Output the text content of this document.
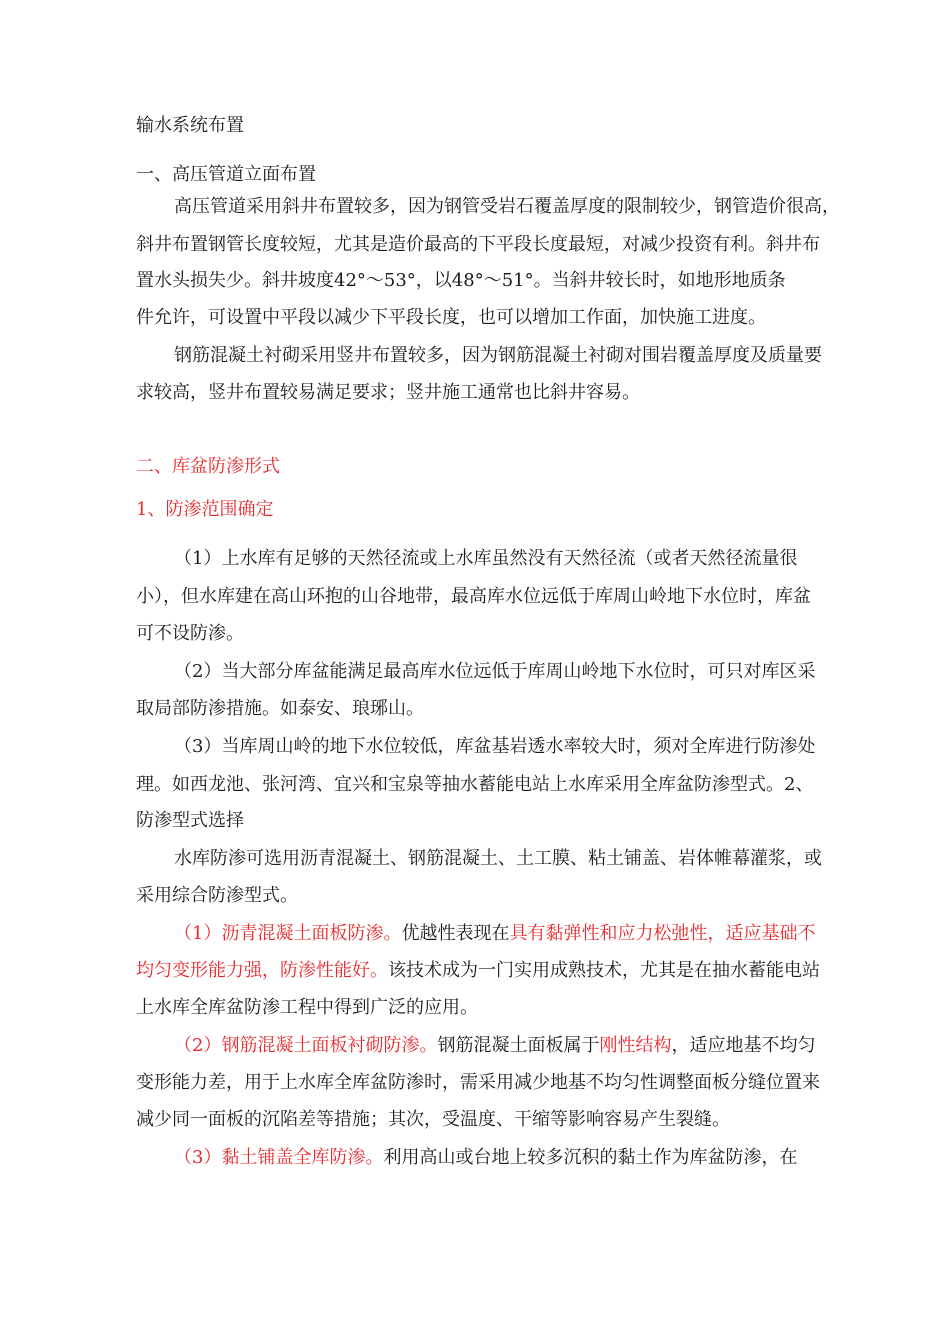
输水系统布置
一、高压管道立面布置
高压管道采用斜井布置较多，因为钢管受岩石覆盖厚度的限制较少，钢管造价很高，
斜井布置钢管长度较短，尤其是造价最高的下平段长度最短，对减少投资有利。斜井布
置水头损失少。斜井坡度42°～53°，以48°～51°。当斜井较长时，如地形地质条
件允许，可设置中平段以减少下平段长度，也可以增加工作面，加快施工进度。
钢筋混凝土衬砌采用竖井布置较多，因为钢筋混凝土衬砌对围岩覆盖厚度及质量要
求较高，竖井布置较易满足要求；竖井施工通常也比斜井容易。
二、库盆防渗形式
1、防渗范围确定
（1）上水库有足够的天然径流或上水库虽然没有天然径流（或者天然径流量很
小），但水库建在高山环抱的山谷地带，最高库水位远低于库周山岭地下水位时，库盆
可不设防渗。
（2）当大部分库盆能满足最高库水位远低于库周山岭地下水位时，可只对库区采
取局部防渗措施。如泰安、琅琊山。
（3）当库周山岭的地下水位较低，库盆基岩透水率较大时，须对全库进行防渗处
理。如西龙池、张河湾、宜兴和宝泉等抽水蓄能电站上水库采用全库盆防渗型式。2、
防渗型式选择
水库防渗可选用沥青混凝土、钢筋混凝土、土工膜、粘土铺盖、岩体帷幕灌浆，或
采用综合防渗型式。
（1）沥青混凝土面板防渗。优越性表现在具有黏弹性和应力松弛性，适应基础不
均匀变形能力强，防渗性能好。该技术成为一门实用成熟技术，尤其是在抽水蓄能电站
上水库全库盆防渗工程中得到广泛的应用。
（2）钢筋混凝土面板衬砌防渗。钢筋混凝土面板属于刚性结构，适应地基不均匀
变形能力差，用于上水库全库盆防渗时，需采用减少地基不均匀性调整面板分缝位置来
减少同一面板的沉陷差等措施；其次，受温度、干缩等影响容易产生裂缝。
（3）黏土铺盖全库防渗。利用高山或台地上较多沉积的黏土作为库盆防渗，在
